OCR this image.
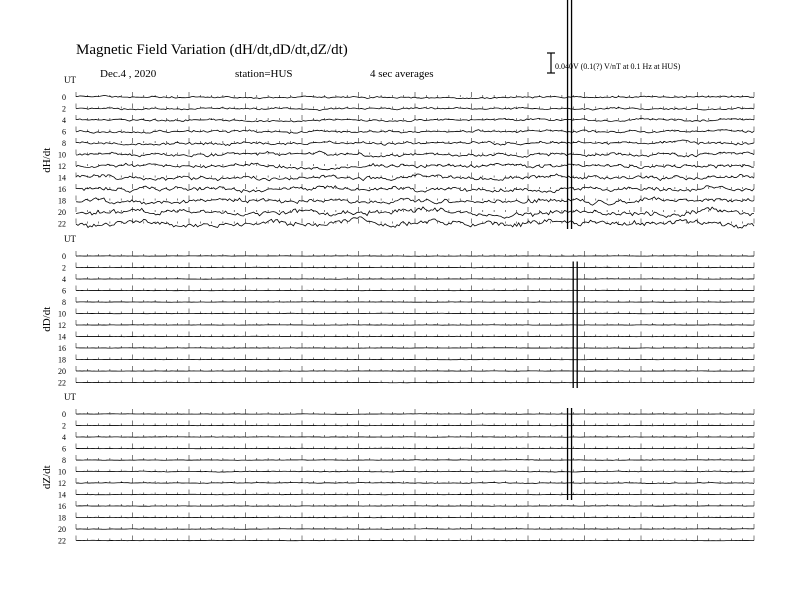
Magnetic Field Variation (dH/dt,dD/dt,dZ/dt)
Dec.4 , 2020	station=HUS	4 sec averages
0.040V (0.1(?) V/nT at 0.1 Hz at HUS)
UT
dH/dt
0
2
4
6
8
10
12
14
16
18
20
22
UT
dD/dt
0
2
4
6
8
10
12
14
16
18
20
22
UT
dZ/dt
0
2
4
6
8
10
12
14
16
18
20
22
